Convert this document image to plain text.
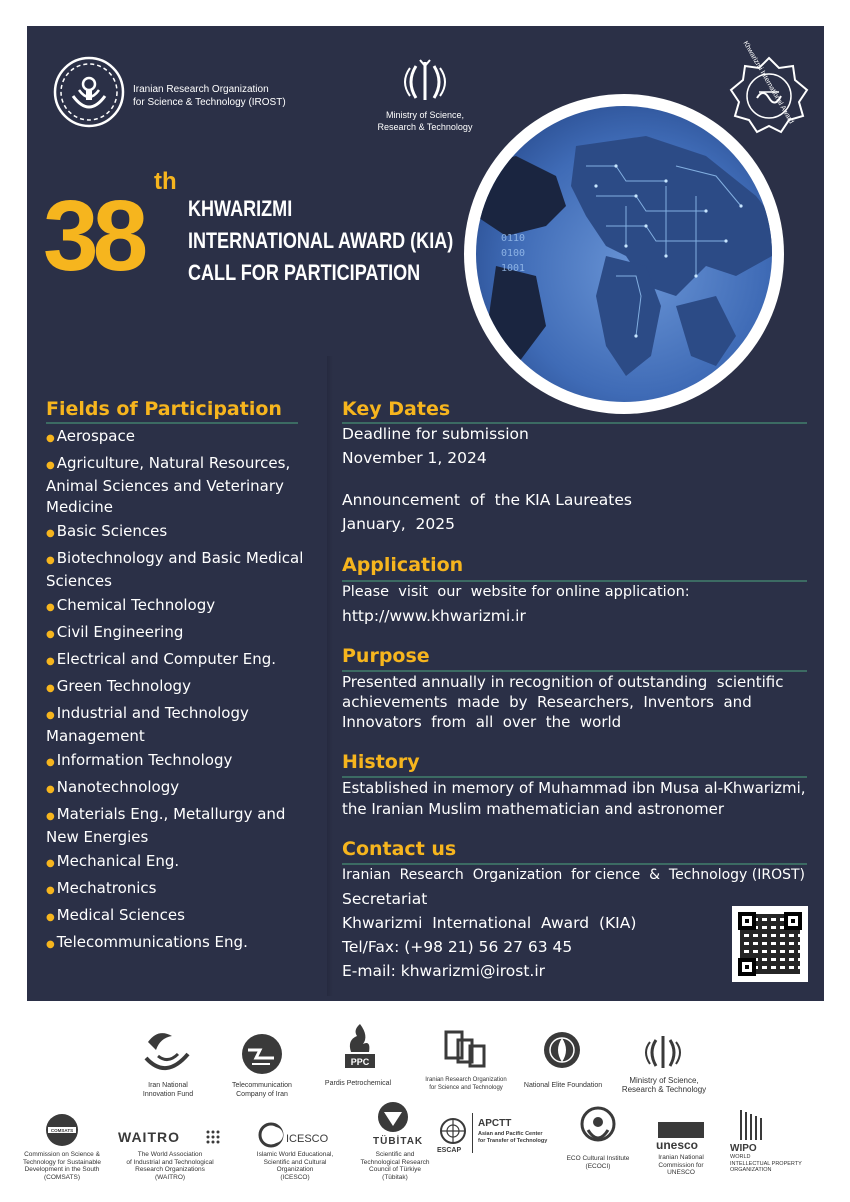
Iranian Research Organization
for Science & Technology (IROST)
Ministry of Science,
Research & Technology
Khwarizmi International Award
38 th
KHWARIZMI
INTERNATIONAL AWARD (KIA)
CALL FOR PARTICIPATION
0110
0100
1001
Fields of Participation
● Aerospace
● Agriculture, Natural Resources, Animal Sciences and Veterinary Medicine
● Basic Sciences
● Biotechnology and Basic Medical Sciences
● Chemical Technology
● Civil Engineering
● Electrical and Computer Eng.
● Green Technology
● Industrial and Technology Management
● Information Technology
● Nanotechnology
● Materials Eng., Metallurgy and New Energies
● Mechanical Eng.
● Mechatronics
● Medical Sciences
● Telecommunications Eng.
Key Dates
Deadline for submission
November 1, 2024
Announcement  of  the KIA Laureates
January,  2025
Application
Please  visit  our  website for online application:
http://www.khwarizmi.ir
Purpose
Presented annually in recognition of outstanding  scientific
achievements  made  by  Researchers,  Inventors  and
Innovators  from  all  over  the  world
History
Established in memory of Muhammad ibn Musa al-Khwarizmi,
the Iranian Muslim mathematician and astronomer
Contact us
Iranian  Research  Organization  for cience  &  Technology (IROST)
Secretariat
Khwarizmi  International  Award  (KIA)
Tel/Fax: (+98 21) 56 27 63 45
E-mail: khwarizmi@irost.ir
Iran National
Innovation Fund
Telecommunication
Company of Iran
PPC
Pardis Petrochemical	Iranian Research Organization
for Science and Technology	National Elite Foundation
Ministry of Science,
Research & Technology
COMSATS
Commission on Science &
Technology for Sustainable
Development in the South
(COMSATS)
WAITRO
The World Association
of Industrial and Technological
Research Organizations
(WAITRO)
ICESCO
Islamic World Educational,
Scientific and Cultural
Organization
(ICESCO)
TÜBİTAK
Scientific and
Technological Research
Council of Türkiye
(Tübitak)
ESCAP
APCTT
Asian and Pacific Center
for Transfer of Technology
ECO Cultural Institute
(ECOCI)
unesco
Iranian National
Commission for
UNESCO
WIPO
WORLD
INTELLECTUAL PROPERTY
ORGANIZATION
